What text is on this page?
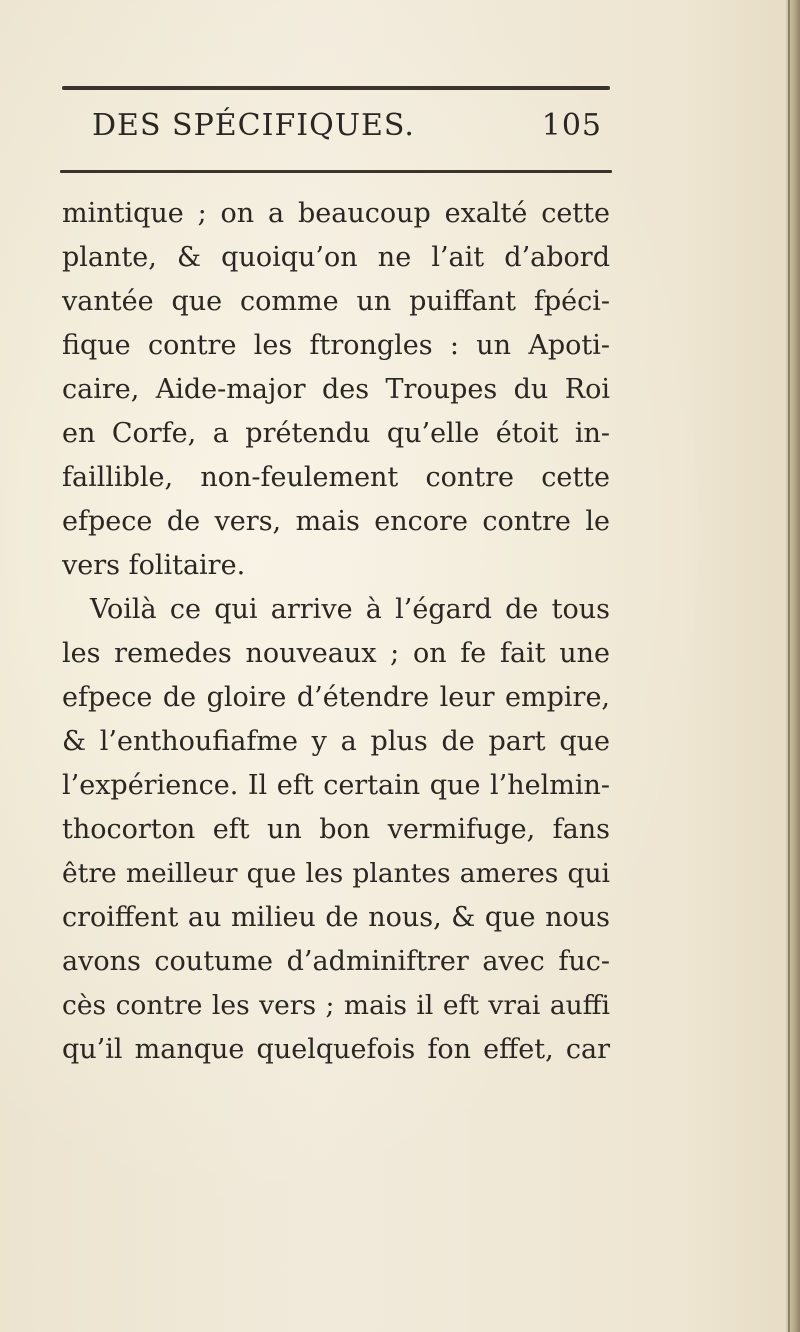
DES SPÉCIFIQUES.	105
mintique ; on a beaucoup exalté cette
plante, & quoiqu’on ne l’ait d’abord
vantée que comme un puiffant fpéci-
fique contre les ftrongles : un Apoti-
caire, Aide-major des Troupes du Roi
en Corfe, a prétendu qu’elle étoit in-
faillible, non-feulement contre cette
efpece de vers, mais encore contre le
vers folitaire.
Voilà ce qui arrive à l’égard de tous
les remedes nouveaux ; on fe fait une
efpece de gloire d’étendre leur empire,
& l’enthoufiafme y a plus de part que
l’expérience. Il eft certain que l’helmin-
thocorton eft un bon vermifuge, fans
être meilleur que les plantes ameres qui
croiffent au milieu de nous, & que nous
avons coutume d’adminiftrer avec fuc-
cès contre les vers ; mais il eft vrai auffi
qu’il manque quelquefois fon effet, car
